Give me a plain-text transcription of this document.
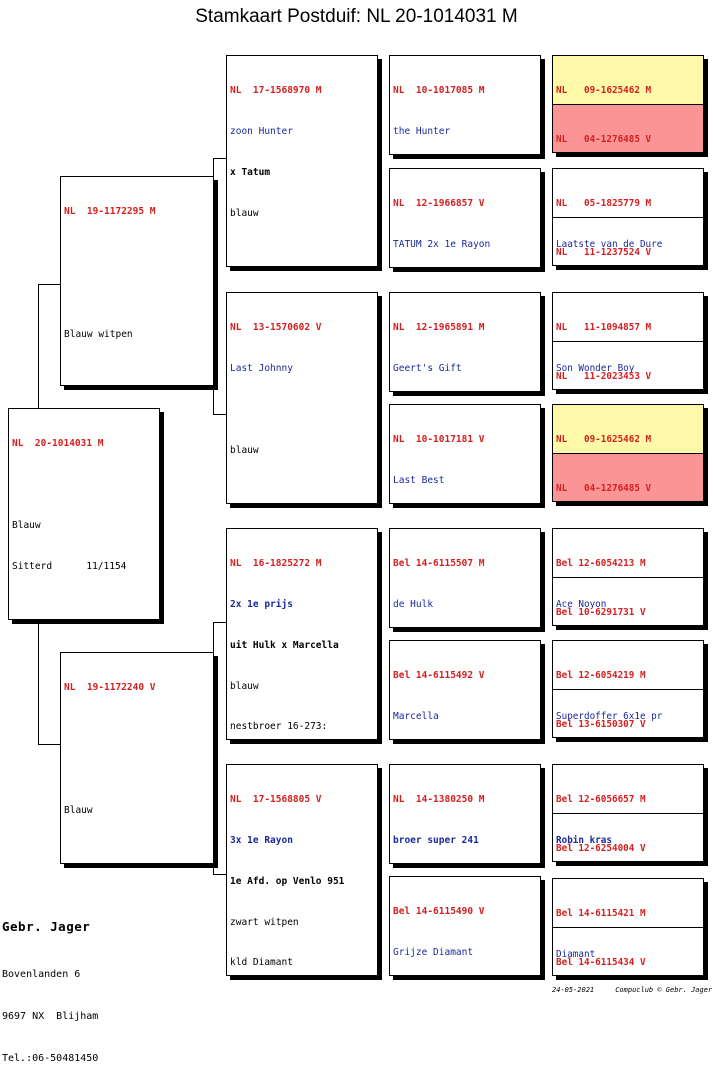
Stamkaart Postduif: NL 20-1014031 M

NL  20-1014031 M

Blauw

Sitterd      11/1154

NL  19-1172295 M

Blauw witpen

NL  19-1172240 V

Blauw

NL  17-1568970 M

zoon Hunter

x Tatum

blauw

NL  13-1570602 V

Last Johnny

blauw

NL  16-1825272 M

2x 1e prijs

uit Hulk x Marcella

blauw

nestbroer 16-273:

NL  17-1568805 V

3x 1e Rayon

1e Afd. op Venlo 951

zwart witpen

kld Diamant

NL  10-1017085 M

the Hunter

NL  12-1966857 V

TATUM 2x 1e Rayon

NL  12-1965891 M

Geert's Gift

NL  10-1017181 V

Last Best

Bel 14-6115507 M

de Hulk

Bel 14-6115492 V

Marcella

NL  14-1380250 M

broer super 241

Bel 14-6115490 V

Grijze Diamant

NL   09-1625462 M

NL   04-1276485 V

NL   05-1825779 M

Laatste van de Dure

NL   11-1237524 V

NL   11-1094857 M

Son Wonder Boy

NL   11-2023453 V

NL   09-1625462 M

NL   04-1276485 V

Bel 12-6054213 M

Ace Noyon

Bel 10-6291731 V

Bel 12-6054219 M

Superdoffer 6x1e pr

Bel 13-6150307 V

Bel 12-6056657 M

Robin kras

Bel 12-6254004 V

Bel 14-6115421 M

Diamant

Bel 14-6115434 V

Gebr. Jager

Bovenlanden 6

9697 NX  Blijham

Tel.:06-50481450

24-05-2021     Compuclub © Gebr. Jager
